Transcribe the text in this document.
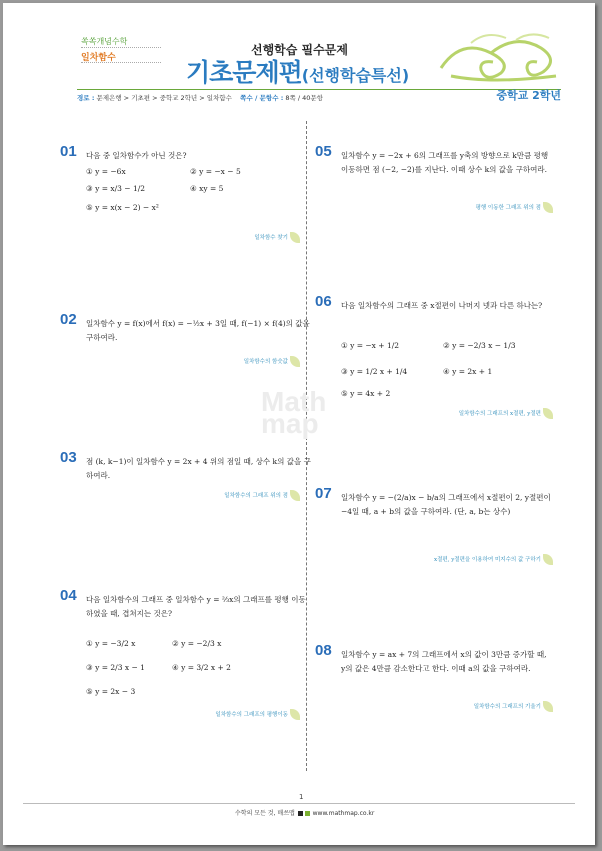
쏙쏙개념수학
일차함수
선행학습 필수문제
기초문제편(선행학습특선)
경로 : 문제은행 > 기초편 > 중학교 2학년 > 일차함수 쪽수 / 문항수 : 8쪽 / 40문항	중학교 2학년
Math
map
01 다음 중 일차함수가 아닌 것은?
① y = −6x	② y = −x − 5
③ y = x/3 − 1/2	④ xy = 5
⑤ y = x(x − 2) − x²
일차함수 찾기
02 일차함수 y = f(x)에서 f(x) = −½x + 3일 때, f(−1) × f(4)의 값을 구하여라.
일차함수의 함숫값
03 점 (k, k−1)이 일차함수 y = 2x + 4 위의 점일 때, 상수 k의 값을 구하여라.
일차함수의 그래프 위의 점
04 다음 일차함수의 그래프 중 일차함수 y = ⅔x의 그래프를 평행 이동하였을 때, 겹쳐지는 것은?
① y = −3/2 x	② y = −2/3 x
③ y = 2/3 x − 1	④ y = 3/2 x + 2
⑤ y = 2x − 3
일차함수의 그래프의 평행이동
05 일차함수 y = −2x + 6의 그래프를 y축의 방향으로 k만큼 평행이동하면 점 (−2, −2)를 지난다. 이때 상수 k의 값을 구하여라.
평행 이동한 그래프 위의 점
06 다음 일차함수의 그래프 중 x절편이 나머지 넷과 다른 하나는?
① y = −x + 1/2	② y = −2/3 x − 1/3
③ y = 1/2 x + 1/4	④ y = 2x + 1
⑤ y = 4x + 2
일차함수의 그래프의 x절편, y절편
07 일차함수 y = −(2/a)x − b/a의 그래프에서 x절편이 2, y절편이 −4일 때, a + b의 값을 구하여라. (단, a, b는 상수)
x절편, y절편을 이용하여 미지수의 값 구하기
08 일차함수 y = ax + 7의 그래프에서 x의 값이 3만큼 증가할 때, y의 값은 4만큼 감소한다고 한다. 이때 a의 값을 구하여라.
일차함수의 그래프의 기울기
1
수학의 모든 것, 매쓰맵	www.mathmap.co.kr
